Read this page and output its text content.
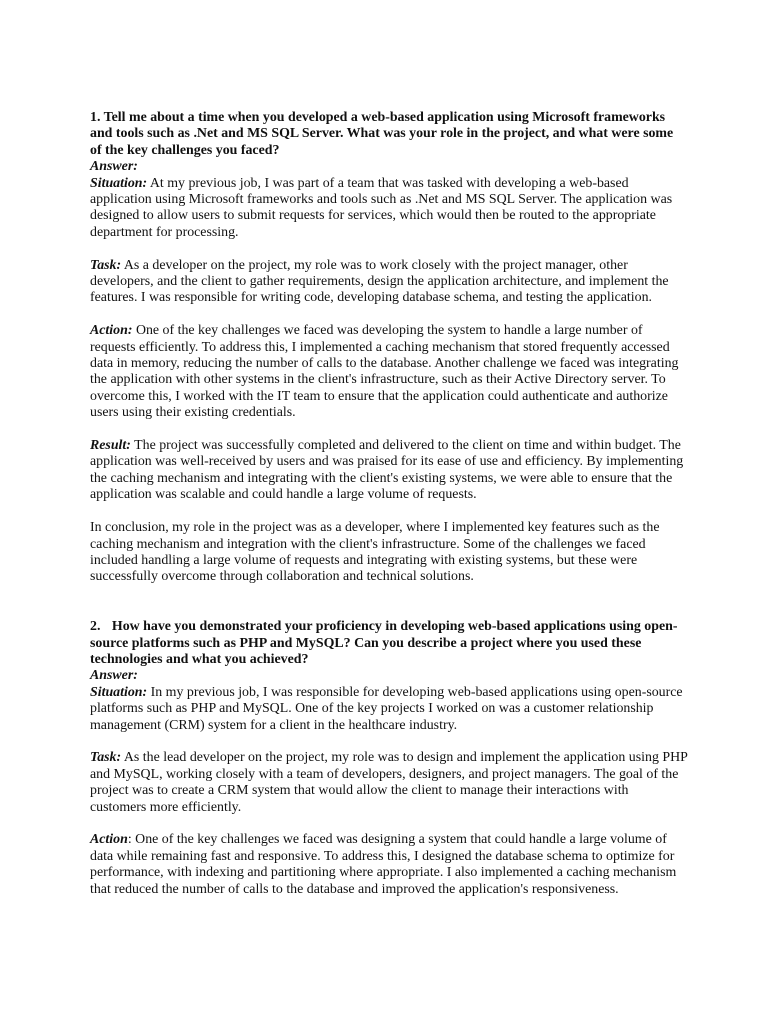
1. Tell me about a time when you developed a web-based application using Microsoft frameworks and tools such as .Net and MS SQL Server. What was your role in the project, and what were some of the key challenges you faced?

Answer:

Situation: At my previous job, I was part of a team that was tasked with developing a web-based application using Microsoft frameworks and tools such as .Net and MS SQL Server. The application was designed to allow users to submit requests for services, which would then be routed to the appropriate department for processing.

Task: As a developer on the project, my role was to work closely with the project manager, other developers, and the client to gather requirements, design the application architecture, and implement the features. I was responsible for writing code, developing database schema, and testing the application.

Action: One of the key challenges we faced was developing the system to handle a large number of requests efficiently. To address this, I implemented a caching mechanism that stored frequently accessed data in memory, reducing the number of calls to the database. Another challenge we faced was integrating the application with other systems in the client's infrastructure, such as their Active Directory server. To overcome this, I worked with the IT team to ensure that the application could authenticate and authorize users using their existing credentials.

Result: The project was successfully completed and delivered to the client on time and within budget. The application was well-received by users and was praised for its ease of use and efficiency. By implementing the caching mechanism and integrating with the client's existing systems, we were able to ensure that the application was scalable and could handle a large volume of requests.

In conclusion, my role in the project was as a developer, where I implemented key features such as the caching mechanism and integration with the client's infrastructure. Some of the challenges we faced included handling a large volume of requests and integrating with existing systems, but these were successfully overcome through collaboration and technical solutions.

2. How have you demonstrated your proficiency in developing web-based applications using open-source platforms such as PHP and MySQL? Can you describe a project where you used these technologies and what you achieved?

Answer:

Situation: In my previous job, I was responsible for developing web-based applications using open-source platforms such as PHP and MySQL. One of the key projects I worked on was a customer relationship management (CRM) system for a client in the healthcare industry.

Task: As the lead developer on the project, my role was to design and implement the application using PHP and MySQL, working closely with a team of developers, designers, and project managers. The goal of the project was to create a CRM system that would allow the client to manage their interactions with customers more efficiently.

Action: One of the key challenges we faced was designing a system that could handle a large volume of data while remaining fast and responsive. To address this, I designed the database schema to optimize for performance, with indexing and partitioning where appropriate. I also implemented a caching mechanism that reduced the number of calls to the database and improved the application's responsiveness.
